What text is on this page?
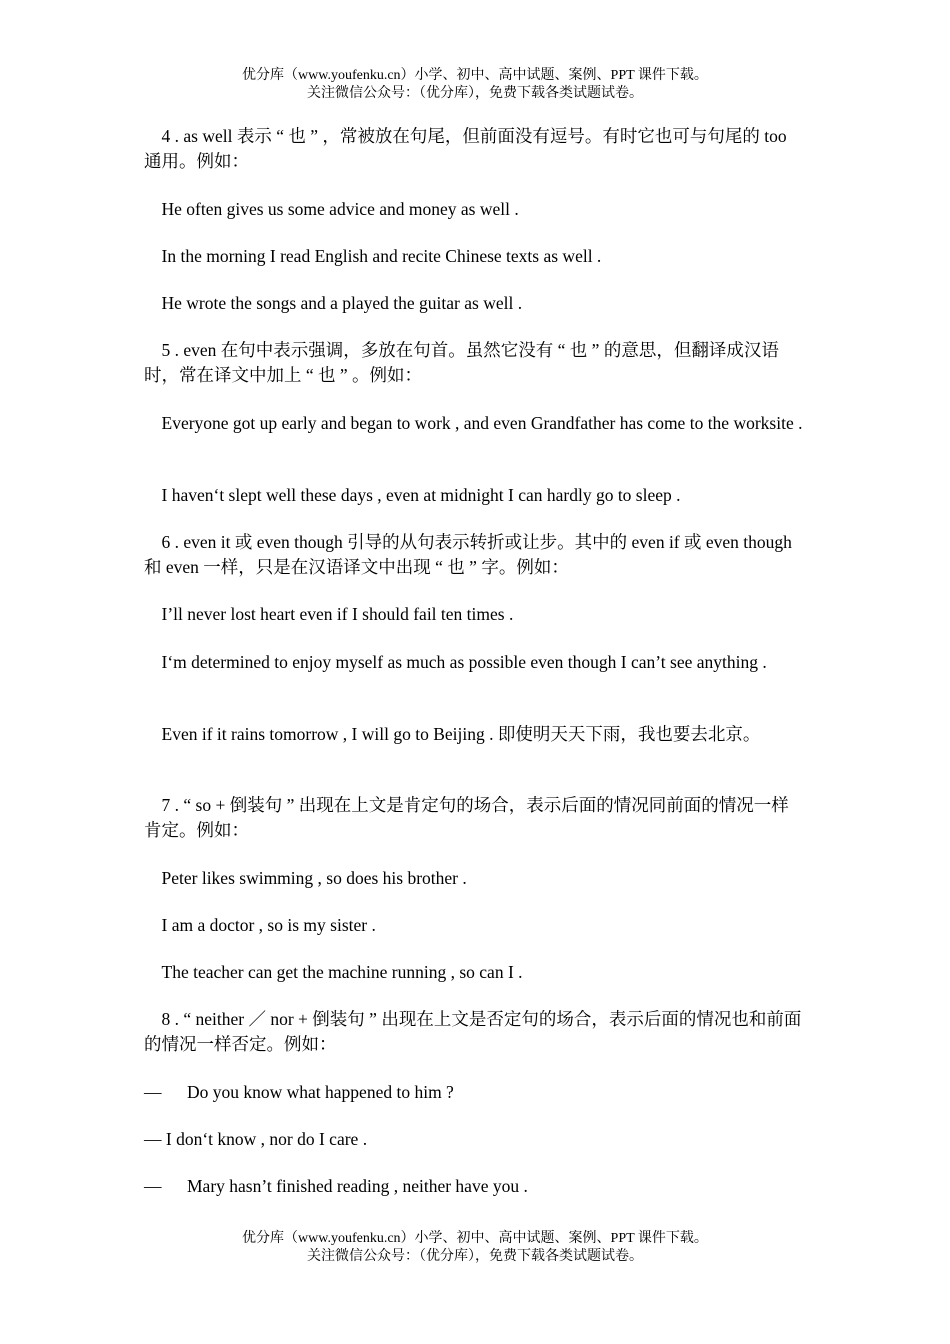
优分库（www.youfenku.cn）小学、初中、高中试题、案例、PPT 课件下载。
关注微信公众号：（优分库），免费下载各类试题试卷。
4 . as well 表示 “ 也 ” ，常被放在句尾，但前面没有逗号。有时它也可与句尾的 too 通用。例如：
He often gives us some advice and money as well .
In the morning I read English and recite Chinese texts as well .
He wrote the songs and a played the guitar as well .
5 . even 在句中表示强调，多放在句首。虽然它没有 “ 也 ” 的意思，但翻译成汉语时，常在译文中加上 “ 也 ” 。例如：
Everyone got up early and began to work , and even Grandfather has come to the worksite .
I haven‘t slept well these days , even at midnight I can hardly go to sleep .
6 . even it 或 even though 引导的从句表示转折或让步。其中的 even if 或 even though 和 even 一样，只是在汉语译文中出现 “ 也 ” 字。例如：
I’ll never lost heart even if I should fail ten times .
I‘m determined to enjoy myself as much as possible even though I can’t see anything .
Even if it rains tomorrow , I will go to Beijing . 即使明天天下雨，我也要去北京。
7 . “ so + 倒装句 ” 出现在上文是肯定句的场合，表示后面的情况同前面的情况一样肯定。例如：
Peter likes swimming , so does his brother .
I am a doctor , so is my sister .
The teacher can get the machine running , so can I .
8 . “ neither ／ nor + 倒装句 ” 出现在上文是否定句的场合，表示后面的情况也和前面的情况一样否定。例如：
—	Do you know what happened to him ?
— I don‘t know , nor do I care .
—	Mary hasn’t finished reading , neither have you .
优分库（www.youfenku.cn）小学、初中、高中试题、案例、PPT 课件下载。
关注微信公众号：（优分库），免费下载各类试题试卷。
